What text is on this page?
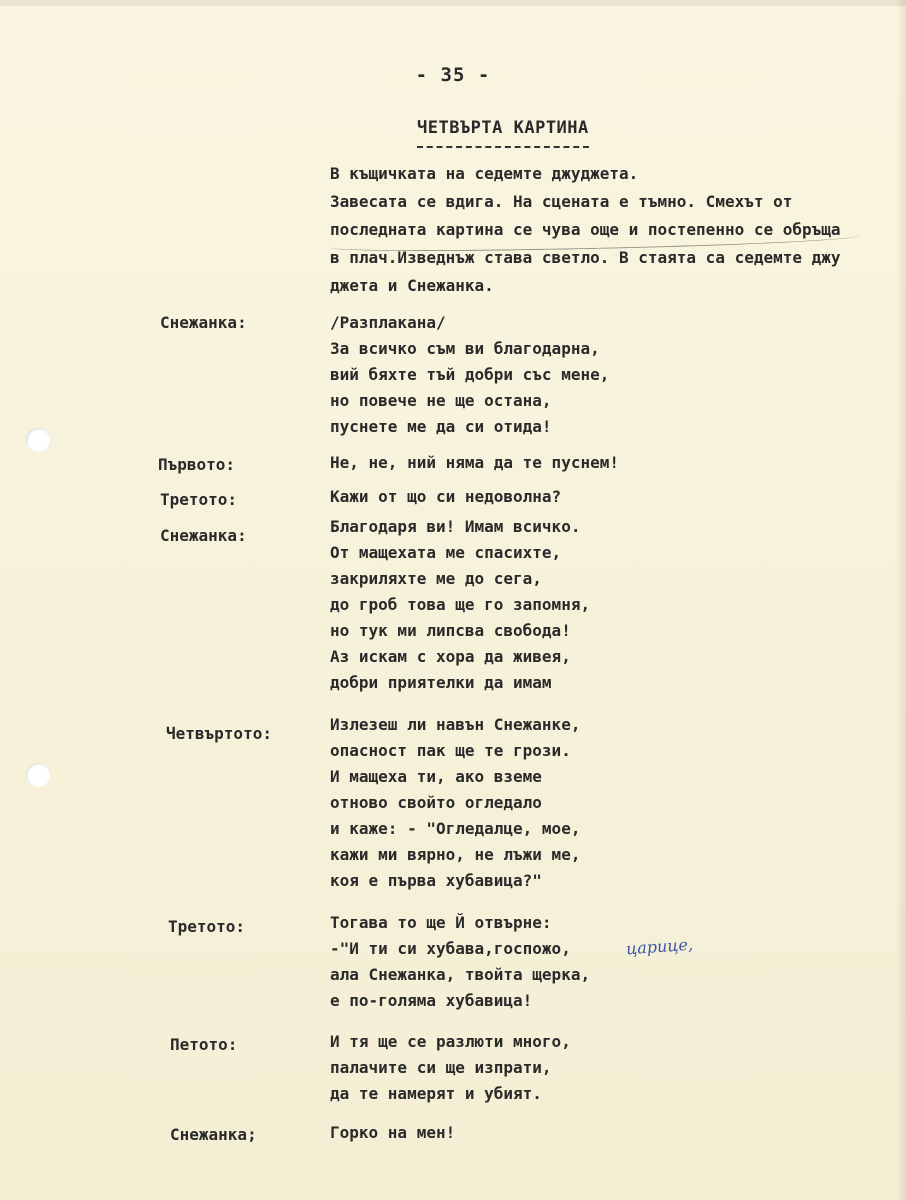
- 35 -
ЧЕТВЪРТА КАРТИНА
В къщичката на седемте джуджета.
Завесата се вдига. На сцената е тъмно. Смехът от
последната картина се чува още и постепенно се обръща
в плач.Изведнъж става светло. В стаята са седемте джу
джета и Снежанка.
Снежанка:	/Разплакана/
За всичко съм ви благодарна,
вий бяхте тъй добри със мене,
но повече не ще остана,
пуснете ме да си отида!
Първото:	Не, не, ний няма да те пуснем!
Третото:	Кажи от що си недоволна?
Снежанка:	Благодаря ви! Имам всичко.
От мащехата ме спасихте,
закриляхте ме до сега,
до гроб това ще го запомня,
но тук ми липсва свобода!
Аз искам с хора да живея,
добри приятелки да имам
Четвъртото:	Излезеш ли навън Снежанке,
опасност пак ще те грози.
И мащеха ти, ако вземе
отново свойто огледало
и каже: - "Огледалце, мое,
кажи ми вярно, не лъжи ме,
коя е първа хубавица?"
Третото:	Тогава то ще Й отвърне:
-"И ти си хубава,госпожо,
ала Снежанка, твойта щерка,
е по-голяма хубавица!
царице,
Петото:	И тя ще се разлюти много,
палачите си ще изпрати,
да те намерят и убият.
Снежанка;	Горко на мен!
